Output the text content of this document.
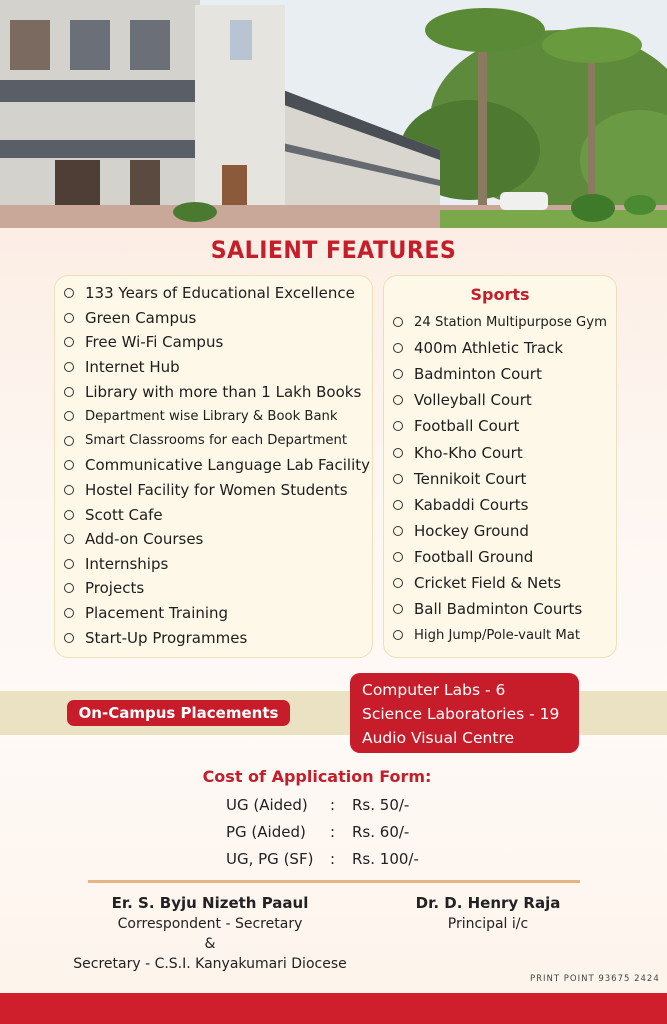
SALIENT FEATURES
133 Years of Educational Excellence
Green Campus
Free Wi-Fi Campus
Internet Hub
Library with more than 1 Lakh Books
Department wise Library & Book Bank
Smart Classrooms for each Department
Communicative Language Lab Facility
Hostel Facility for Women Students
Scott Cafe
Add-on Courses
Internships
Projects
Placement Training
Start-Up Programmes
Sports
24 Station Multipurpose Gym
400m Athletic Track
Badminton Court
Volleyball Court
Football Court
Kho-Kho Court
Tennikoit Court
Kabaddi Courts
Hockey Ground
Football Ground
Cricket Field & Nets
Ball Badminton Courts
High Jump/Pole-vault Mat
On-Campus Placements
Computer Labs - 6
Science Laboratories - 19
Audio Visual Centre
Cost of Application Form:
UG (Aided)	: Rs. 50/-
PG (Aided)	: Rs. 60/-
UG, PG (SF)	: Rs. 100/-
Er. S. Byju Nizeth Paaul
Correspondent - Secretary
&
Secretary - C.S.I. Kanyakumari Diocese
Dr. D. Henry Raja
Principal i/c
PRINT POINT 93675 2424
